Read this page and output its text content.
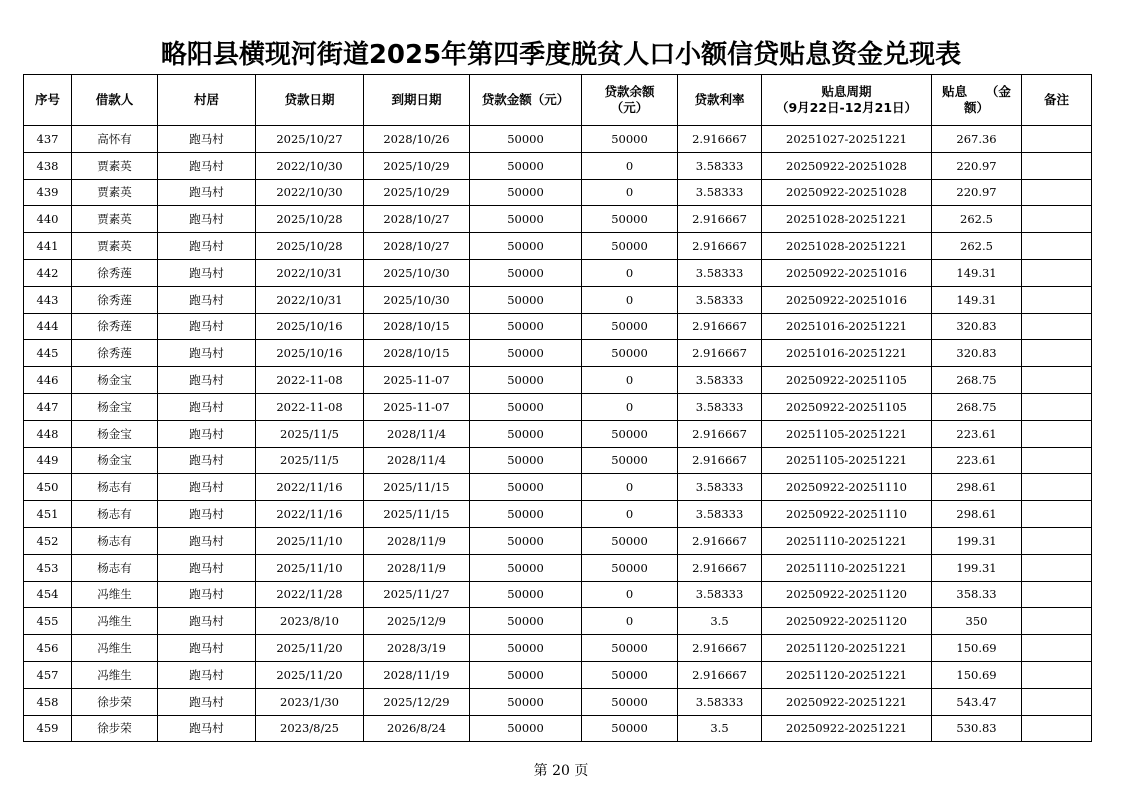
略阳县横现河街道2025年第四季度脱贫人口小额信贷贴息资金兑现表
序号	借款人	村居	贷款日期	到期日期	贷款金额（元）	贷款余额
（元）	贷款利率	贴息周期
（9月22日-12月21日）	贴息　　（金
额）	备注
437	高怀有	跑马村	2025/10/27	2028/10/26	50000	50000	2.916667	20251027-20251221	267.36	
438	贾素英	跑马村	2022/10/30	2025/10/29	50000	0	3.58333	20250922-20251028	220.97	
439	贾素英	跑马村	2022/10/30	2025/10/29	50000	0	3.58333	20250922-20251028	220.97	
440	贾素英	跑马村	2025/10/28	2028/10/27	50000	50000	2.916667	20251028-20251221	262.5	
441	贾素英	跑马村	2025/10/28	2028/10/27	50000	50000	2.916667	20251028-20251221	262.5	
442	徐秀莲	跑马村	2022/10/31	2025/10/30	50000	0	3.58333	20250922-20251016	149.31	
443	徐秀莲	跑马村	2022/10/31	2025/10/30	50000	0	3.58333	20250922-20251016	149.31	
444	徐秀莲	跑马村	2025/10/16	2028/10/15	50000	50000	2.916667	20251016-20251221	320.83	
445	徐秀莲	跑马村	2025/10/16	2028/10/15	50000	50000	2.916667	20251016-20251221	320.83	
446	杨金宝	跑马村	2022-11-08	2025-11-07	50000	0	3.58333	20250922-20251105	268.75	
447	杨金宝	跑马村	2022-11-08	2025-11-07	50000	0	3.58333	20250922-20251105	268.75	
448	杨金宝	跑马村	2025/11/5	2028/11/4	50000	50000	2.916667	20251105-20251221	223.61	
449	杨金宝	跑马村	2025/11/5	2028/11/4	50000	50000	2.916667	20251105-20251221	223.61	
450	杨志有	跑马村	2022/11/16	2025/11/15	50000	0	3.58333	20250922-20251110	298.61	
451	杨志有	跑马村	2022/11/16	2025/11/15	50000	0	3.58333	20250922-20251110	298.61	
452	杨志有	跑马村	2025/11/10	2028/11/9	50000	50000	2.916667	20251110-20251221	199.31	
453	杨志有	跑马村	2025/11/10	2028/11/9	50000	50000	2.916667	20251110-20251221	199.31	
454	冯维生	跑马村	2022/11/28	2025/11/27	50000	0	3.58333	20250922-20251120	358.33	
455	冯维生	跑马村	2023/8/10	2025/12/9	50000	0	3.5	20250922-20251120	350	
456	冯维生	跑马村	2025/11/20	2028/3/19	50000	50000	2.916667	20251120-20251221	150.69	
457	冯维生	跑马村	2025/11/20	2028/11/19	50000	50000	2.916667	20251120-20251221	150.69	
458	徐步荣	跑马村	2023/1/30	2025/12/29	50000	50000	3.58333	20250922-20251221	543.47	
459	徐步荣	跑马村	2023/8/25	2026/8/24	50000	50000	3.5	20250922-20251221	530.83	
第 20 页
